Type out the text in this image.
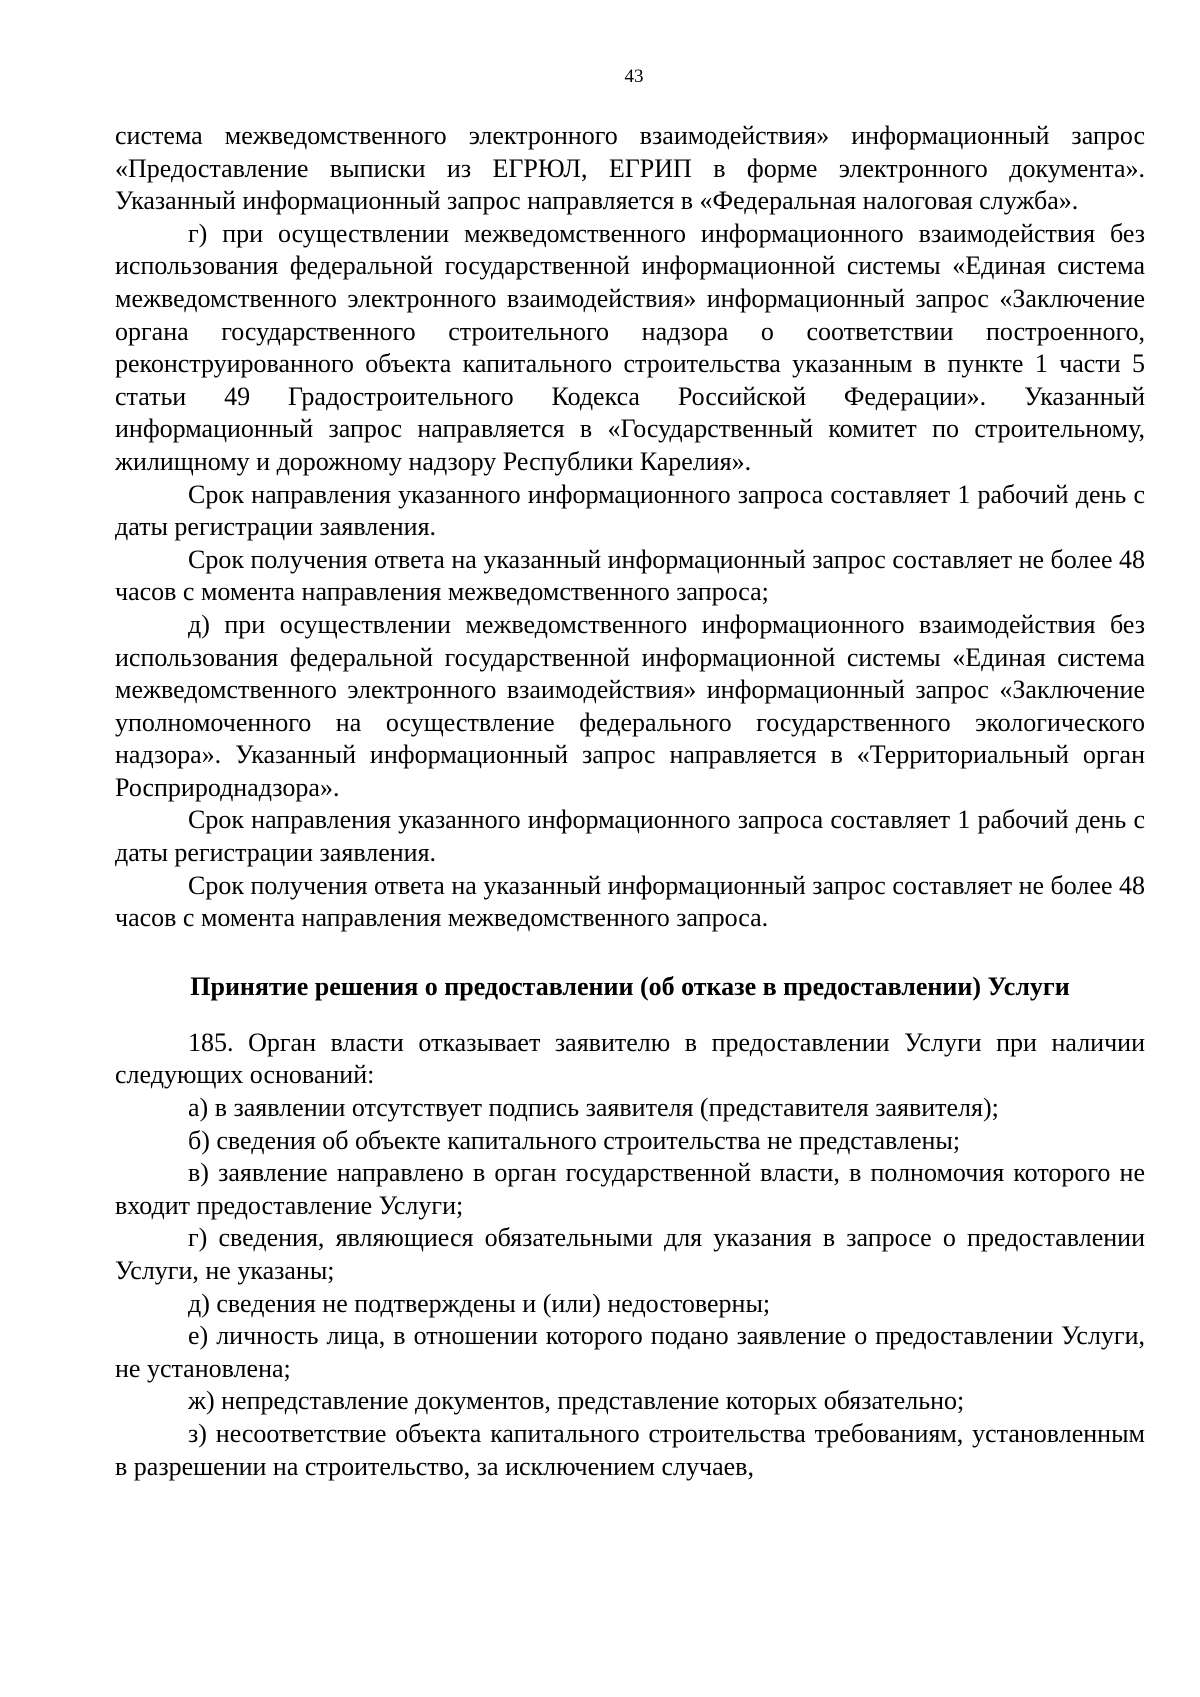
43

система межведомственного электронного взаимодействия» информационный запрос «Предоставление выписки из ЕГРЮЛ, ЕГРИП в форме электронного документа». Указанный информационный запрос направляется в «Федеральная налоговая служба».

г) при осуществлении межведомственного информационного взаимодействия без использования федеральной государственной информационной системы «Единая система межведомственного электронного взаимодействия» информационный запрос «Заключение органа государственного строительного надзора о соответствии построенного, реконструированного объекта капитального строительства указанным в пункте 1 части 5 статьи 49 Градостроительного Кодекса Российской Федерации». Указанный информационный запрос направляется в «Государственный комитет по строительному, жилищному и дорожному надзору Республики Карелия».

Срок направления указанного информационного запроса составляет 1 рабочий день с даты регистрации заявления.

Срок получения ответа на указанный информационный запрос составляет не более 48 часов с момента направления межведомственного запроса;

д) при осуществлении межведомственного информационного взаимодействия без использования федеральной государственной информационной системы «Единая система межведомственного электронного взаимодействия» информационный запрос «Заключение уполномоченного на осуществление федерального государственного экологического надзора». Указанный информационный запрос направляется в «Территориальный орган Росприроднадзора».

Срок направления указанного информационного запроса составляет 1 рабочий день с даты регистрации заявления.

Срок получения ответа на указанный информационный запрос составляет не более 48 часов с момента направления межведомственного запроса.

Принятие решения о предоставлении (об отказе в предоставлении) Услуги

185. Орган власти отказывает заявителю в предоставлении Услуги при наличии следующих оснований:

а) в заявлении отсутствует подпись заявителя (представителя заявителя);

б) сведения об объекте капитального строительства не представлены;

в) заявление направлено в орган государственной власти, в полномочия которого не входит предоставление Услуги;

г) сведения, являющиеся обязательными для указания в запросе о предоставлении Услуги, не указаны;

д) сведения не подтверждены и (или) недостоверны;

е) личность лица, в отношении которого подано заявление о предоставлении Услуги, не установлена;

ж) непредставление документов, представление которых обязательно;

з) несоответствие объекта капитального строительства требованиям, установленным в разрешении на строительство, за исключением случаев,
